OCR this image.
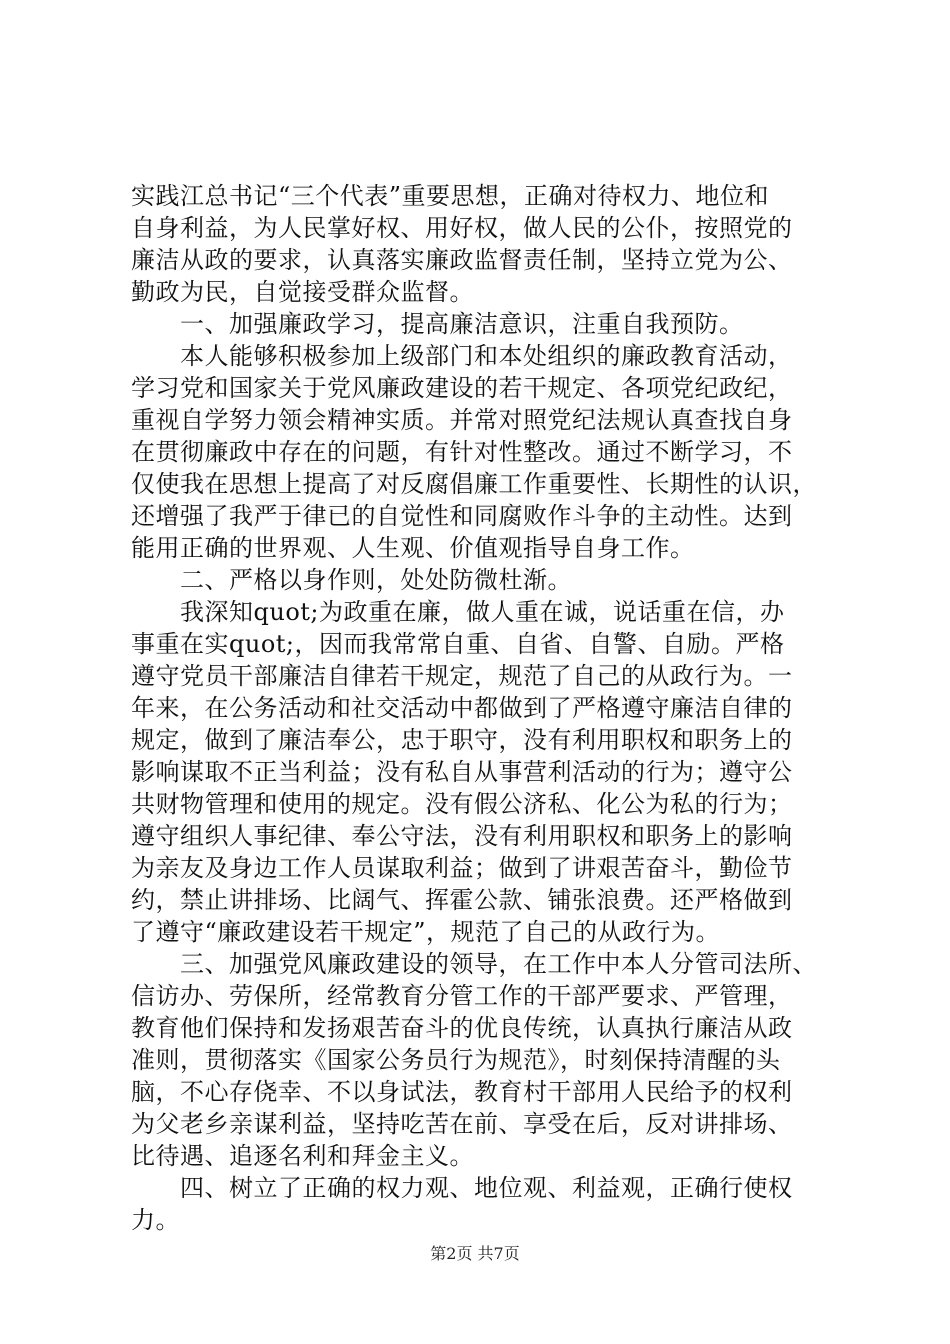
实践江总书记“三个代表”重要思想，正确对待权力、地位和
自身利益，为人民掌好权、用好权，做人民的公仆，按照党的
廉洁从政的要求，认真落实廉政监督责任制，坚持立党为公、
勤政为民，自觉接受群众监督。
　　一、加强廉政学习，提高廉洁意识，注重自我预防。
　　本人能够积极参加上级部门和本处组织的廉政教育活动，
学习党和国家关于党风廉政建设的若干规定、各项党纪政纪，
重视自学努力领会精神实质。并常对照党纪法规认真查找自身
在贯彻廉政中存在的问题，有针对性整改。通过不断学习，不
仅使我在思想上提高了对反腐倡廉工作重要性、长期性的认识，
还增强了我严于律已的自觉性和同腐败作斗争的主动性。达到
能用正确的世界观、人生观、价值观指导自身工作。
　　二、严格以身作则，处处防微杜渐。
　　我深知quot;为政重在廉，做人重在诚，说话重在信，办
事重在实quot;，因而我常常自重、自省、自警、自励。严格
遵守党员干部廉洁自律若干规定，规范了自己的从政行为。一
年来，在公务活动和社交活动中都做到了严格遵守廉洁自律的
规定，做到了廉洁奉公，忠于职守，没有利用职权和职务上的
影响谋取不正当利益；没有私自从事营利活动的行为；遵守公
共财物管理和使用的规定。没有假公济私、化公为私的行为；
遵守组织人事纪律、奉公守法，没有利用职权和职务上的影响
为亲友及身边工作人员谋取利益；做到了讲艰苦奋斗，勤俭节
约，禁止讲排场、比阔气、挥霍公款、铺张浪费。还严格做到
了遵守“廉政建设若干规定”，规范了自己的从政行为。
　　三、加强党风廉政建设的领导，在工作中本人分管司法所、
信访办、劳保所，经常教育分管工作的干部严要求、严管理，
教育他们保持和发扬艰苦奋斗的优良传统，认真执行廉洁从政
准则，贯彻落实《国家公务员行为规范》，时刻保持清醒的头
脑，不心存侥幸、不以身试法，教育村干部用人民给予的权利
为父老乡亲谋利益，坚持吃苦在前、享受在后，反对讲排场、
比待遇、追逐名利和拜金主义。
　　四、树立了正确的权力观、地位观、利益观，正确行使权
力。
第2页 共7页
